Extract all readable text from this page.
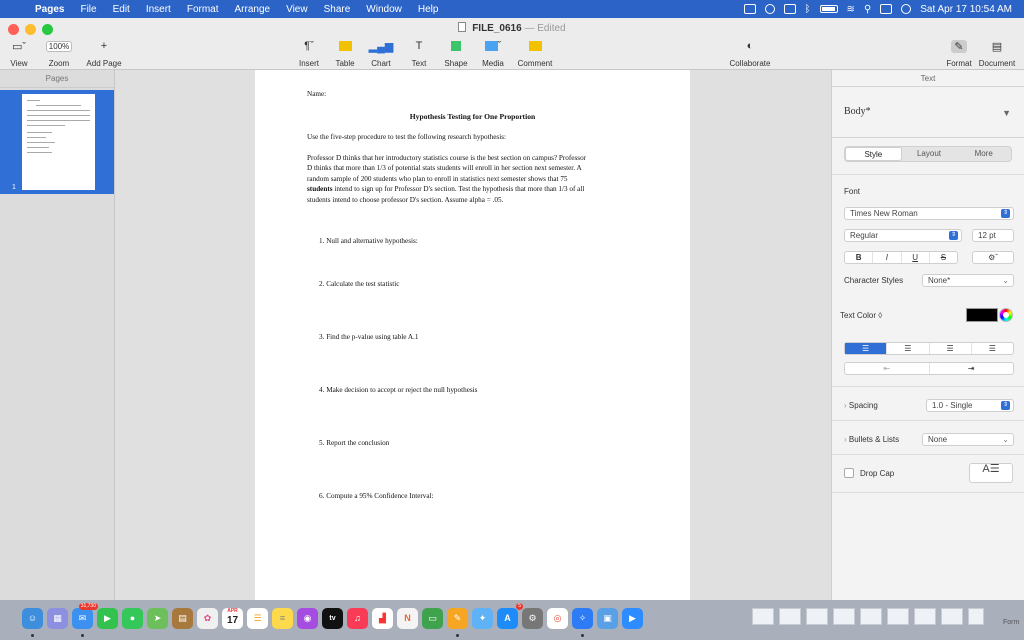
Pages	File	Edit	Insert	Format	Arrange	View	Share	Window	Help	ᛒ	≋ ⚲	Sat Apr 17 10:54 AM
FILE_0616 — Edited
▭ˇ
View
100%
Zoom
+
Add Page
¶ˇ
Insert	Table
▂▄▆
Chart
T
Text	Shape
ˇ
Media	Comment
◐
Collaborate
✎
Format
▤
Document
Pages
1
Name:
Hypothesis Testing for One Proportion
Use the five-step procedure to test the following research hypothesis:
Professor D thinks that her introductory statistics course is the best section on campus? Professor
D thinks that more than 1/3 of potential stats students will enroll in her section next semester. A
random sample of 200 students who plan to enroll in statistics next semester shows that 75
students intend to sign up for Professor D's section. Test the hypothesis that more than 1/3 of all
students intend to choose professor D's section. Assume alpha = .05.
1. Null and alternative hypothesis:
2. Calculate the test statistic
3. Find the p-value using table A.1
4. Make decision to accept or reject the null hypothesis
5. Report the conclusion
6. Compute a 95% Confidence Interval:
Text
Body*	▼
Style	Layout	More
Font
Times New Roman	⇕
Regular	⇕	12 pt
B	I	U	S	⚙ˇ
Character Styles	None*	⌄
Text Color ◊
☰	☰	☰	☰
⇤	⇥
› Spacing	1.0 - Single	⇕
› Bullets & Lists	None	⌄
Drop Cap	A☰
☺	▦	✉
31,730
▶	●	➤	▤	✿
APR
17	☰	≡	◉	tv	♫	▟	N	▭	✎	✦	A
5
⚙	◎	✧	▣	▶	Form
